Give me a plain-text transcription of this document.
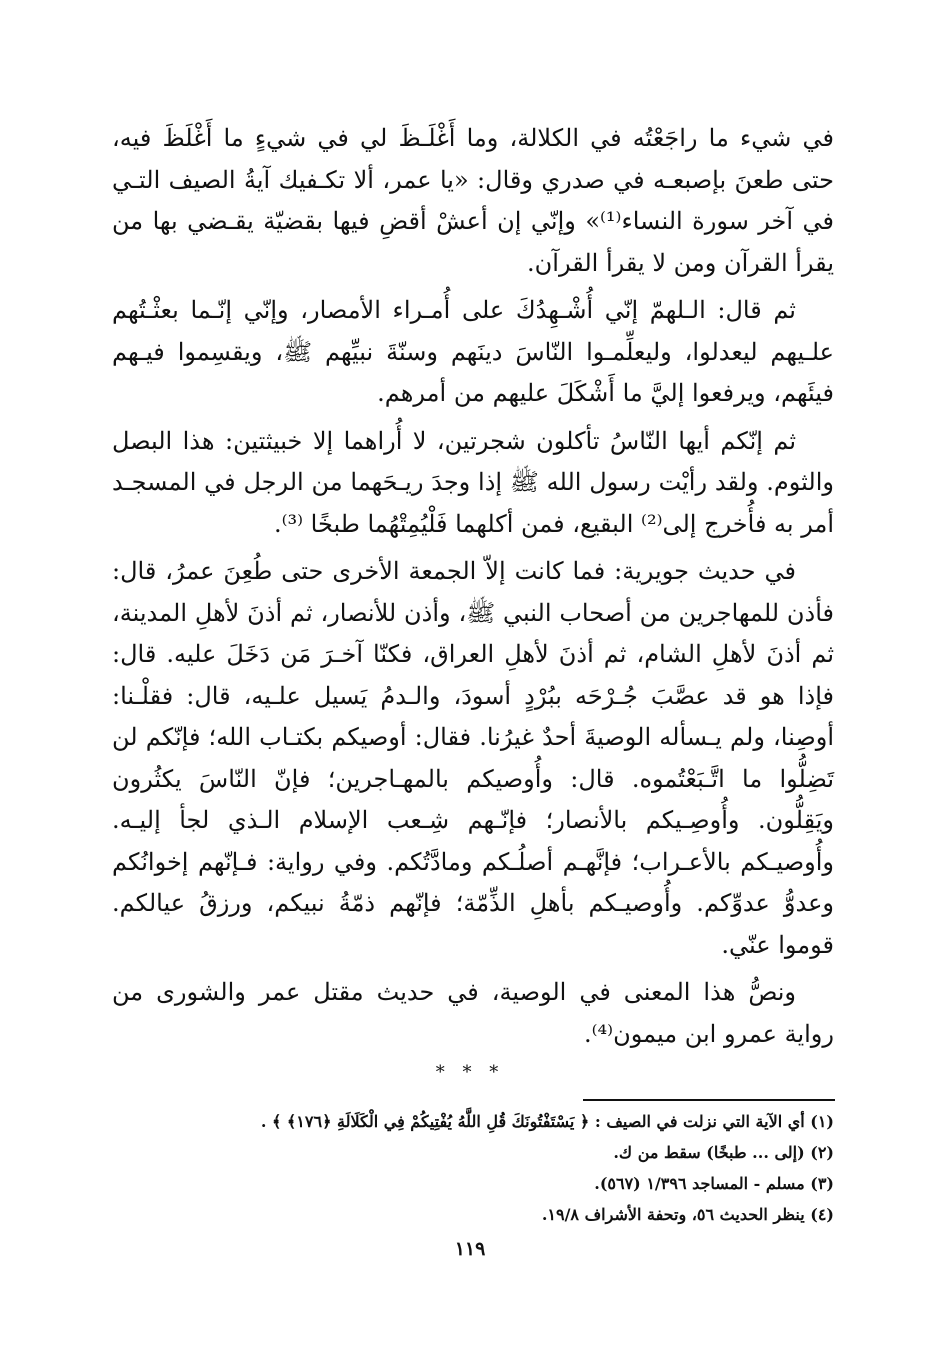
في شيء ما راجَعْتُه في الكلالة، وما أَغْلَـظَ لي في شيءٍ ما أَغْلَظَ فيه، حتى طعنَ بإصبعـه في صدري وقال: «يا عمر، ألا تكـفيك آيةُ الصيف التـي في آخر سورة النساء⁽¹⁾» وإنّي إن أعشْ أقضِ فيها بقضيّة يقـضي بها من يقرأ القرآن ومن لا يقرأ القرآن.

ثم قال: الـلهمّ إنّي أُشْـهِدُكَ على أُمـراء الأمصار، وإنّي إنّـما بعثْـتُهم علـيهم ليعدلوا، وليعلِّمـوا النّاسَ دينَهم وسنّةَ نبيِّهم ﷺ، ويقسِموا فيـهم فيئَهم، ويرفعوا إليَّ ما أَشْكَلَ عليهم من أمرهم.

ثم إنّكم أيها النّاسُ تأكلون شجرتين، لا أُراهما إلا خبيثتين: هذا البصل والثوم. ولقد رأيْت رسول الله ﷺ إذا وجدَ ريـحَهما من الرجل في المسجـد أمر به فأُخرج إلى⁽²⁾ البقيع، فمن أكلهما فَلْيُمِتْهُما طبخًا ⁽³⁾.

في حديث جويرية: فما كانت إلاّ الجمعة الأخرى حتى طُعِنَ عمرُ، قال: فأذن للمهاجرين من أصحاب النبي ﷺ، وأذن للأنصار، ثم أذنَ لأهلِ المدينة، ثم أذنَ لأهلِ الشام، ثم أذنَ لأهلِ العراق، فكنّا آخـرَ مَن دَخَلَ عليه. قال: فإذا هو قد عصَّبَ جُـرْحَه ببُرْدٍ أسودَ، والـدمُ يَسيل علـيه، قال: فقلْـنا: أوصِنا، ولم يـسأله الوصيةَ أحدٌ غيرُنا. فقال: أوصيكم بكتـاب الله؛ فإنّكم لن تَضِلُّوا ما اتَّـبَعْتُموه. قال: وأُوصيكم بالمهـاجرين؛ فإنّ النّاسَ يكثُرون ويَقِلُّون. وأُوصِـيكم بالأنصار؛ فإنّـهم شِـعب الإسلام الـذي لجأ إليـه. وأُوصيـكم بالأعـراب؛ فإنَّهـم أصلُـكم ومادَّتُكم. وفي رواية: فـإنّهم إخوانُكم وعدوُّ عدوِّكم. وأُوصيـكم بأهلِ الذِّمّة؛ فإنّهم ذمّةُ نبيكم، ورزقُ عيالكم. قوموا عنّي.

ونصُّ هذا المعنى في الوصية، في حديث مقتل عمر والشورى من رواية عمرو ابن ميمون⁽⁴⁾.

* * *

(١) أي الآية التي نزلت في الصيف : ﴿ يَسْتَفْتُونَكَ قُلِ اللَّهُ يُفْتِيكُمْ فِي الْكَلَالَةِ ﴿١٧٦﴾ ﴾ .

(٢) (إلى ... طبخًا) سقط من ك.

(٣) مسلم - المساجد ١/٣٩٦ (٥٦٧).

(٤) ينظر الحديث ٥٦، وتحفة الأشراف ١٩/٨.

١١٩
